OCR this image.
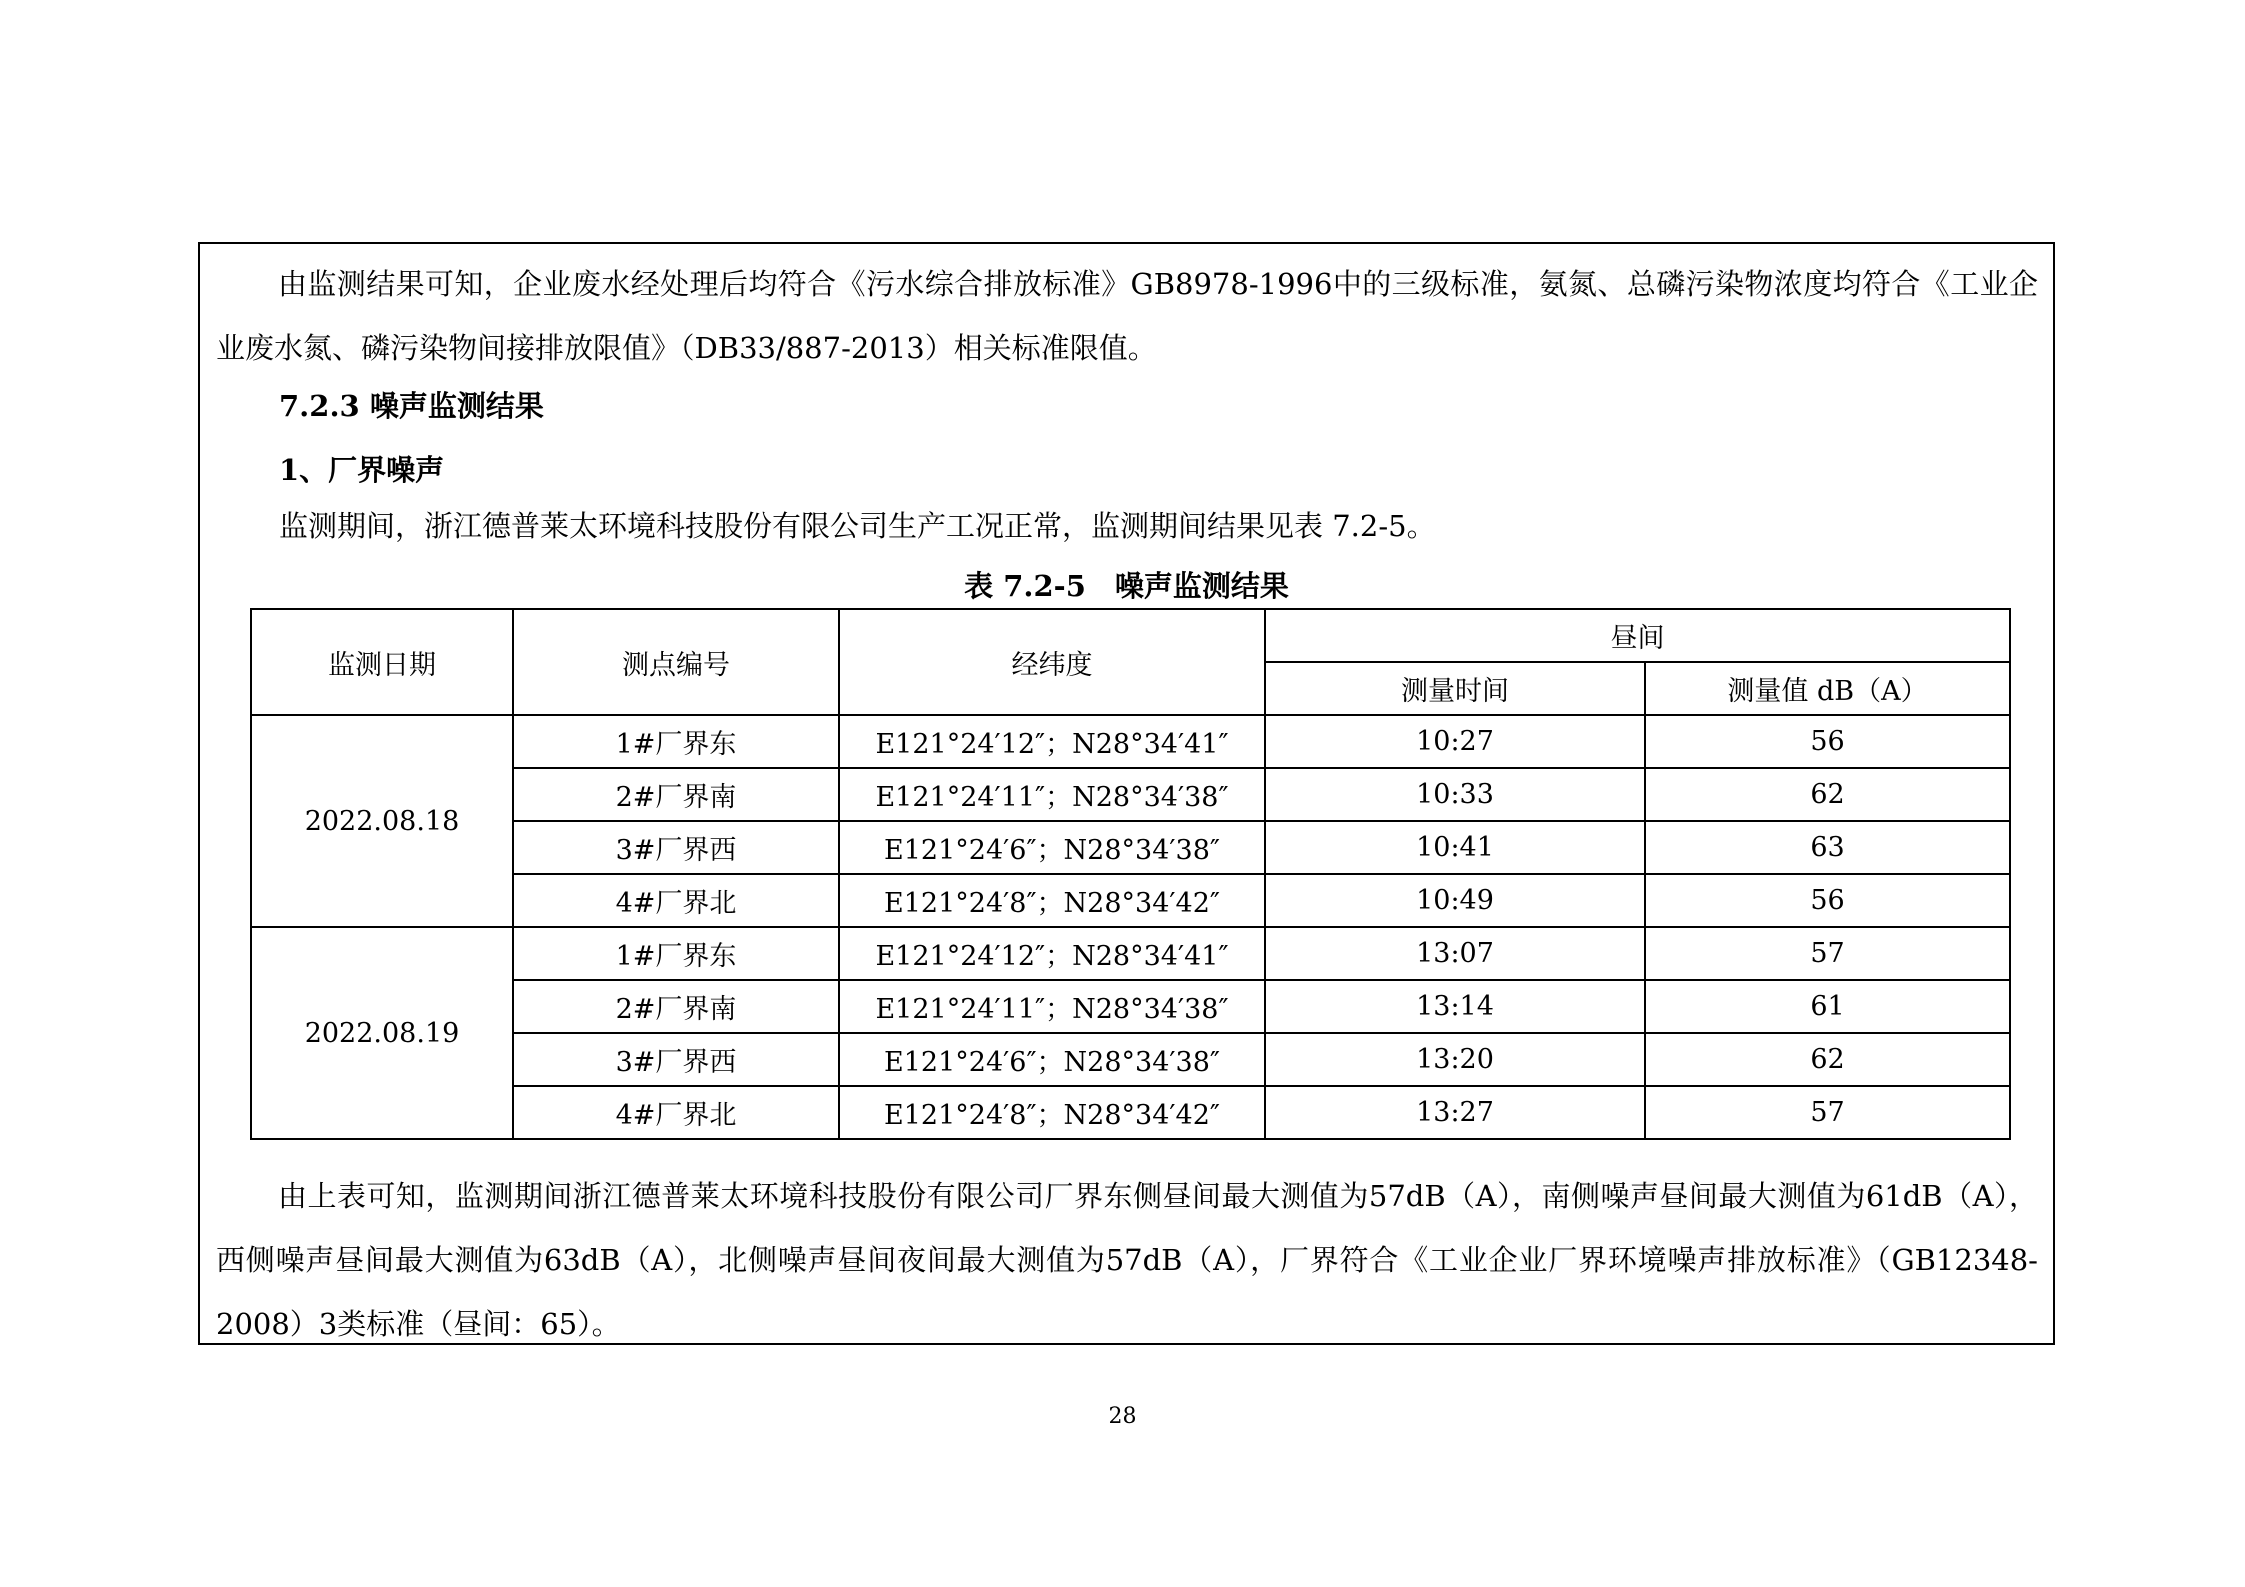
由监测结果可知，企业废水经处理后均符合《污水综合排放标准》GB8978-1996中的三级标准，氨氮、总磷污染物浓度均符合《工业企业废水氮、磷污染物间接排放限值》（DB33/887-2013）相关标准限值。

7.2.3 噪声监测结果

1、厂界噪声

监测期间，浙江德普莱太环境科技股份有限公司生产工况正常，监测期间结果见表 7.2-5。

表 7.2-5　噪声监测结果

监测日期	测点编号	经纬度	昼间	
			测量时间	测量值 dB（A）
2022.08.18	1#厂界东	E121°24′12″；N28°34′41″	10:27	56
	2#厂界南	E121°24′11″；N28°34′38″	10:33	62
	3#厂界西	E121°24′6″；N28°34′38″	10:41	63
	4#厂界北	E121°24′8″；N28°34′42″	10:49	56
2022.08.19	1#厂界东	E121°24′12″；N28°34′41″	13:07	57
	2#厂界南	E121°24′11″；N28°34′38″	13:14	61
	3#厂界西	E121°24′6″；N28°34′38″	13:20	62
	4#厂界北	E121°24′8″；N28°34′42″	13:27	57

由上表可知，监测期间浙江德普莱太环境科技股份有限公司厂界东侧昼间最大测值为57dB（A），南侧噪声昼间最大测值为61dB（A），西侧噪声昼间最大测值为63dB（A），北侧噪声昼间夜间最大测值为57dB（A），厂界符合《工业企业厂界环境噪声排放标准》（GB12348-2008）3类标准（昼间：65）。

28
